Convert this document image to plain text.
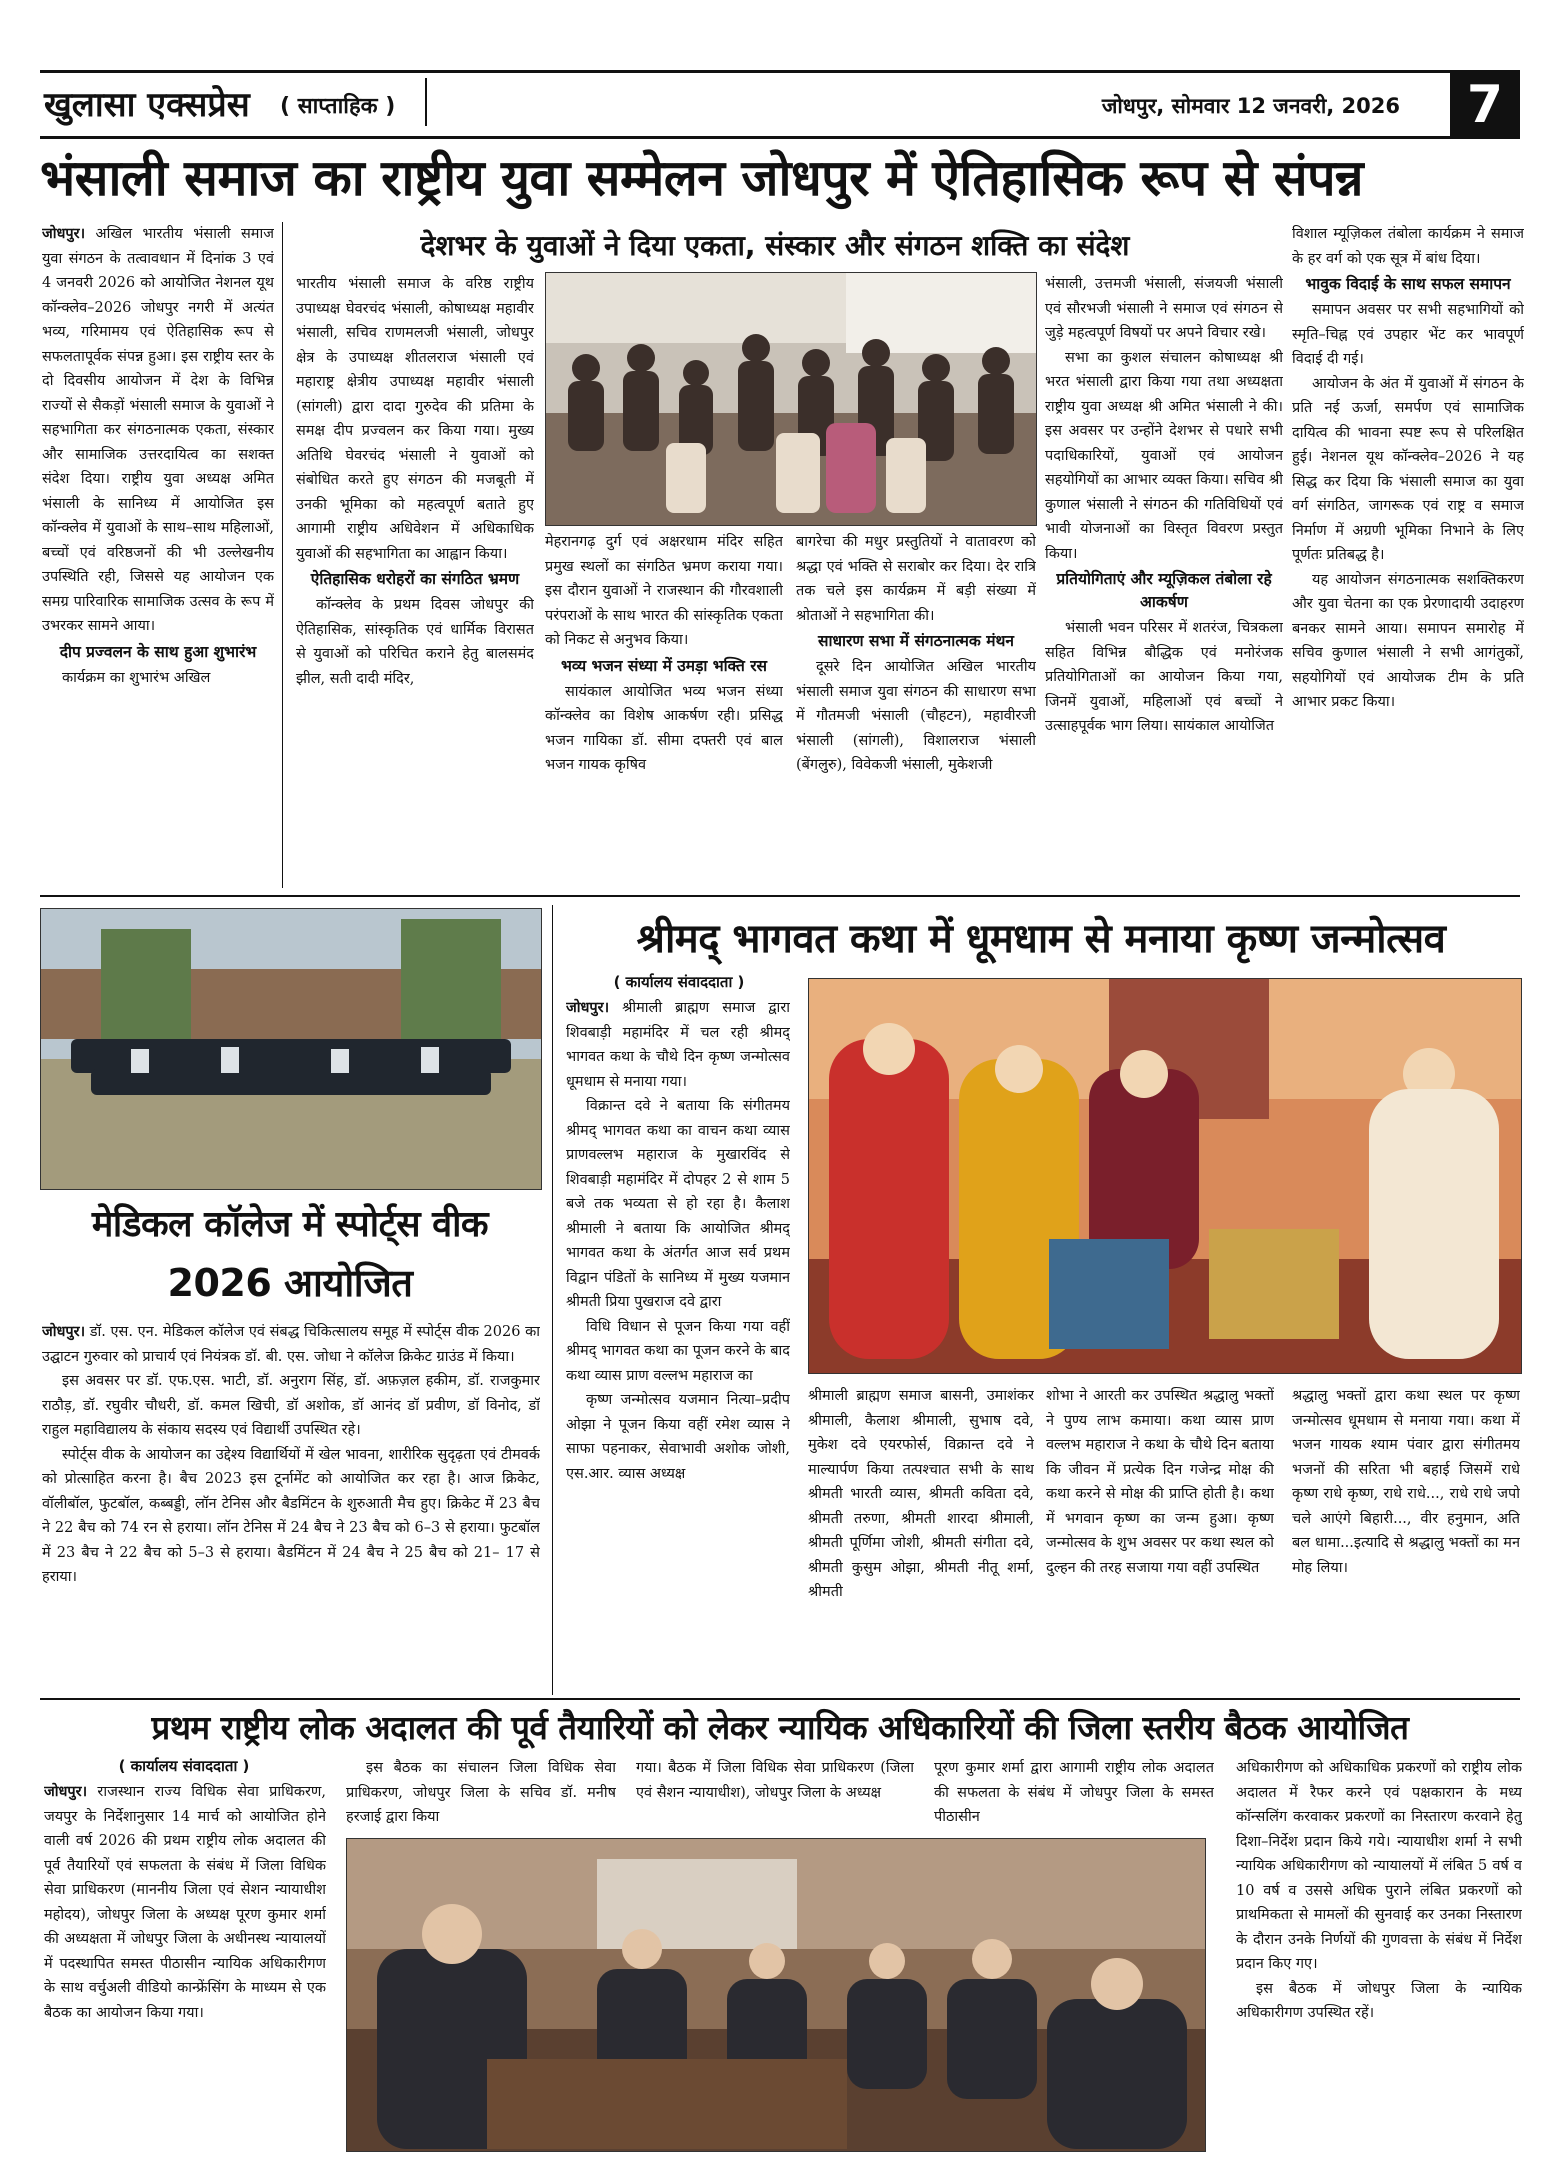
खुलासा एक्सप्रेस ( साप्ताहिक )	जोधपुर, सोमवार 12 जनवरी, 2026	7
भंसाली समाज का राष्ट्रीय युवा सम्मेलन जोधपुर में ऐतिहासिक रूप से संपन्न

जोधपुर। अखिल भारतीय भंसाली समाज युवा संगठन के तत्वावधान में दिनांक 3 एवं 4 जनवरी 2026 को आयोजित नेशनल यूथ कॉन्क्लेव–2026 जोधपुर नगरी में अत्यंत भव्य, गरिमामय एवं ऐतिहासिक रूप से सफलतापूर्वक संपन्न हुआ। इस राष्ट्रीय स्तर के दो दिवसीय आयोजन में देश के विभिन्न राज्यों से सैकड़ों भंसाली समाज के युवाओं ने सहभागिता कर संगठनात्मक एकता, संस्कार और सामाजिक उत्तरदायित्व का सशक्त संदेश दिया। राष्ट्रीय युवा अध्यक्ष अमित भंसाली के सानिध्य में आयोजित इस कॉन्क्लेव में युवाओं के साथ–साथ महिलाओं, बच्चों एवं वरिष्ठजनों की भी उल्लेखनीय उपस्थिति रही, जिससे यह आयोजन एक समग्र पारिवारिक सामाजिक उत्सव के रूप में उभरकर सामने आया।

दीप प्रज्वलन के साथ हुआ शुभारंभ

कार्यक्रम का शुभारंभ अखिल

देशभर के युवाओं ने दिया एकता, संस्कार और संगठन शक्ति का संदेश

भारतीय भंसाली समाज के वरिष्ठ राष्ट्रीय उपाध्यक्ष घेवरचंद भंसाली, कोषाध्यक्ष महावीर भंसाली, सचिव राणमलजी भंसाली, जोधपुर क्षेत्र के उपाध्यक्ष शीतलराज भंसाली एवं महाराष्ट्र क्षेत्रीय उपाध्यक्ष महावीर भंसाली (सांगली) द्वारा दादा गुरुदेव की प्रतिमा के समक्ष दीप प्रज्वलन कर किया गया। मुख्य अतिथि घेवरचंद भंसाली ने युवाओं को संबोधित करते हुए संगठन की मजबूती में उनकी भूमिका को महत्वपूर्ण बताते हुए आगामी राष्ट्रीय अधिवेशन में अधिकाधिक युवाओं की सहभागिता का आह्वान किया।

ऐतिहासिक धरोहरों का संगठित भ्रमण

कॉन्क्लेव के प्रथम दिवस जोधपुर की ऐतिहासिक, सांस्कृतिक एवं धार्मिक विरासत से युवाओं को परिचित कराने हेतु बालसमंद झील, सती दादी मंदिर,

मेहरानगढ़ दुर्ग एवं अक्षरधाम मंदिर सहित प्रमुख स्थलों का संगठित भ्रमण कराया गया। इस दौरान युवाओं ने राजस्थान की गौरवशाली परंपराओं के साथ भारत की सांस्कृतिक एकता को निकट से अनुभव किया।

भव्य भजन संध्या में उमड़ा भक्ति रस

सायंकाल आयोजित भव्य भजन संध्या कॉन्क्लेव का विशेष आकर्षण रही। प्रसिद्ध भजन गायिका डॉ. सीमा दफ्तरी एवं बाल भजन गायक कृषिव

बागरेचा की मधुर प्रस्तुतियों ने वातावरण को श्रद्धा एवं भक्ति से सराबोर कर दिया। देर रात्रि तक चले इस कार्यक्रम में बड़ी संख्या में श्रोताओं ने सहभागिता की।

साधारण सभा में संगठनात्मक मंथन

दूसरे दिन आयोजित अखिल भारतीय भंसाली समाज युवा संगठन की साधारण सभा में गौतमजी भंसाली (चौहटन), महावीरजी भंसाली (सांगली), विशालराज भंसाली (बेंगलुरु), विवेकजी भंसाली, मुकेशजी

भंसाली, उत्तमजी भंसाली, संजयजी भंसाली एवं सौरभजी भंसाली ने समाज एवं संगठन से जुड़े महत्वपूर्ण विषयों पर अपने विचार रखे।

सभा का कुशल संचालन कोषाध्यक्ष श्री भरत भंसाली द्वारा किया गया तथा अध्यक्षता राष्ट्रीय युवा अध्यक्ष श्री अमित भंसाली ने की। इस अवसर पर उन्होंने देशभर से पधारे सभी पदाधिकारियों, युवाओं एवं आयोजन सहयोगियों का आभार व्यक्त किया। सचिव श्री कुणाल भंसाली ने संगठन की गतिविधियों एवं भावी योजनाओं का विस्तृत विवरण प्रस्तुत किया।

प्रतियोगिताएं और म्यूज़िकल तंबोला रहे आकर्षण

भंसाली भवन परिसर में शतरंज, चित्रकला सहित विभिन्न बौद्धिक एवं मनोरंजक प्रतियोगिताओं का आयोजन किया गया, जिनमें युवाओं, महिलाओं एवं बच्चों ने उत्साहपूर्वक भाग लिया। सायंकाल आयोजित

विशाल म्यूज़िकल तंबोला कार्यक्रम ने समाज के हर वर्ग को एक सूत्र में बांध दिया।

भावुक विदाई के साथ सफल समापन

समापन अवसर पर सभी सहभागियों को स्मृति–चिह्न एवं उपहार भेंट कर भावपूर्ण विदाई दी गई।

आयोजन के अंत में युवाओं में संगठन के प्रति नई ऊर्जा, समर्पण एवं सामाजिक दायित्व की भावना स्पष्ट रूप से परिलक्षित हुई। नेशनल यूथ कॉन्क्लेव–2026 ने यह सिद्ध कर दिया कि भंसाली समाज का युवा वर्ग संगठित, जागरूक एवं राष्ट्र व समाज निर्माण में अग्रणी भूमिका निभाने के लिए पूर्णतः प्रतिबद्ध है।

यह आयोजन संगठनात्मक सशक्तिकरण और युवा चेतना का एक प्रेरणादायी उदाहरण बनकर सामने आया। समापन समारोह में सचिव कुणाल भंसाली ने सभी आगंतुकों, सहयोगियों एवं आयोजक टीम के प्रति आभार प्रकट किया।

मेडिकल कॉलेज में स्पोर्ट्स वीक
2026 आयोजित

जोधपुर। डॉ. एस. एन. मेडिकल कॉलेज एवं संबद्ध चिकित्सालय समूह में स्पोर्ट्स वीक 2026 का उद्घाटन गुरुवार को प्राचार्य एवं नियंत्रक डॉ. बी. एस. जोधा ने कॉलेज क्रिकेट ग्राउंड में किया।

इस अवसर पर डॉ. एफ.एस. भाटी, डॉ. अनुराग सिंह, डॉ. अफ़ज़ल हकीम, डॉ. राजकुमार राठौड़, डॉ. रघुवीर चौधरी, डॉ. कमल खिची, डॉ अशोक, डॉ आनंद डॉ प्रवीण, डॉ विनोद, डॉ राहुल महाविद्यालय के संकाय सदस्य एवं विद्यार्थी उपस्थित रहे।

स्पोर्ट्स वीक के आयोजन का उद्देश्य विद्यार्थियों में खेल भावना, शारीरिक सुदृढ़ता एवं टीमवर्क को प्रोत्साहित करना है। बैच 2023 इस टूर्नामेंट को आयोजित कर रहा है। आज क्रिकेट, वॉलीबॉल, फुटबॉल, कब्बड्डी, लॉन टेनिस और बैडमिंटन के शुरुआती मैच हुए। क्रिकेट में 23 बैच ने 22 बैच को 74 रन से हराया। लॉन टेनिस में 24 बैच ने 23 बैच को 6–3 से हराया। फुटबॉल में 23 बैच ने 22 बैच को 5–3 से हराया। बैडमिंटन में 24 बैच ने 25 बैच को 21– 17 से हराया।

श्रीमद् भागवत कथा में धूमधाम से मनाया कृष्ण जन्मोत्सव
( कार्यालय संवाददाता )

जोधपुर। श्रीमाली ब्राह्मण समाज द्वारा शिवबाड़ी महामंदिर में चल रही श्रीमद् भागवत कथा के चौथे दिन कृष्ण जन्मोत्सव धूमधाम से मनाया गया।

विक्रान्त दवे ने बताया कि संगीतमय श्रीमद् भागवत कथा का वाचन कथा व्यास प्राणवल्लभ महाराज के मुखारविंद से शिवबाड़ी महामंदिर में दोपहर 2 से शाम 5 बजे तक भव्यता से हो रहा है। कैलाश श्रीमाली ने बताया कि आयोजित श्रीमद् भागवत कथा के अंतर्गत आज सर्व प्रथम विद्वान पंडितों के सानिध्य में मुख्य यजमान श्रीमती प्रिया पुखराज दवे द्वारा

विधि विधान से पूजन किया गया वहीं श्रीमद् भागवत कथा का पूजन करने के बाद कथा व्यास प्राण वल्लभ महाराज का

कृष्ण जन्मोत्सव यजमान नित्या–प्रदीप ओझा ने पूजन किया वहीं रमेश व्यास ने साफा पहनाकर, सेवाभावी अशोक जोशी, एस.आर. व्यास अध्यक्ष

श्रीमाली ब्राह्मण समाज बासनी, उमाशंकर श्रीमाली, कैलाश श्रीमाली, सुभाष दवे, मुकेश दवे एयरफोर्स, विक्रान्त दवे ने माल्यार्पण किया तत्पश्चात सभी के साथ श्रीमती भारती व्यास, श्रीमती कविता दवे, श्रीमती तरुणा, श्रीमती शारदा श्रीमाली, श्रीमती पूर्णिमा जोशी, श्रीमती संगीता दवे, श्रीमती कुसुम ओझा, श्रीमती नीतू शर्मा, श्रीमती

शोभा ने आरती कर उपस्थित श्रद्धालु भक्तों ने पुण्य लाभ कमाया। कथा व्यास प्राण वल्लभ महाराज ने कथा के चौथे दिन बताया कि जीवन में प्रत्येक दिन गजेन्द्र मोक्ष की कथा करने से मोक्ष की प्राप्ति होती है। कथा में भगवान कृष्ण का जन्म हुआ। कृष्ण जन्मोत्सव के शुभ अवसर पर कथा स्थल को दुल्हन की तरह सजाया गया वहीं उपस्थित

श्रद्धालु भक्तों द्वारा कथा स्थल पर कृष्ण जन्मोत्सव धूमधाम से मनाया गया। कथा में भजन गायक श्याम पंवार द्वारा संगीतमय भजनों की सरिता भी बहाई जिसमें राधे कृष्ण राधे कृष्ण, राधे राधे..., राधे राधे जपो चले आएंगे बिहारी..., वीर हनुमान, अति बल धामा...इत्यादि से श्रद्धालु भक्तों का मन मोह लिया।

प्रथम राष्ट्रीय लोक अदालत की पूर्व तैयारियों को लेकर न्यायिक अधिकारियों की जिला स्तरीय बैठक आयोजित
( कार्यालय संवाददाता )

जोधपुर। राजस्थान राज्य विधिक सेवा प्राधिकरण, जयपुर के निर्देशानुसार 14 मार्च को आयोजित होने वाली वर्ष 2026 की प्रथम राष्ट्रीय लोक अदालत की पूर्व तैयारियों एवं सफलता के संबंध में जिला विधिक सेवा प्राधिकरण (माननीय जिला एवं सेशन न्यायाधीश महोदय), जोधपुर जिला के अध्यक्ष पूरण कुमार शर्मा की अध्यक्षता में जोधपुर जिला के अधीनस्थ न्यायालयों में पदस्थापित समस्त पीठासीन न्यायिक अधिकारीगण के साथ वर्चुअली वीडियो कान्फ्रेंसिंग के माध्यम से एक बैठक का आयोजन किया गया।

इस बैठक का संचालन जिला विधिक सेवा प्राधिकरण, जोधपुर जिला के सचिव डॉ. मनीष हरजाई द्वारा किया

गया। बैठक में जिला विधिक सेवा प्राधिकरण (जिला एवं सैशन न्यायाधीश), जोधपुर जिला के अध्यक्ष

पूरण कुमार शर्मा द्वारा आगामी राष्ट्रीय लोक अदालत की सफलता के संबंध में जोधपुर जिला के समस्त पीठासीन

अधिकारीगण को अधिकाधिक प्रकरणों को राष्ट्रीय लोक अदालत में रैफर करने एवं पक्षकारान के मध्य कॉन्सलिंग करवाकर प्रकरणों का निस्तारण करवाने हेतु दिशा–निर्देश प्रदान किये गये। न्यायाधीश शर्मा ने सभी न्यायिक अधिकारीगण को न्यायालयों में लंबित 5 वर्ष व 10 वर्ष व उससे अधिक पुराने लंबित प्रकरणों को प्राथमिकता से मामलों की सुनवाई कर उनका निस्तारण के दौरान उनके निर्णयों की गुणवत्ता के संबंध में निर्देश प्रदान किए गए।

इस बैठक में जोधपुर जिला के न्यायिक अधिकारीगण उपस्थित रहें।
